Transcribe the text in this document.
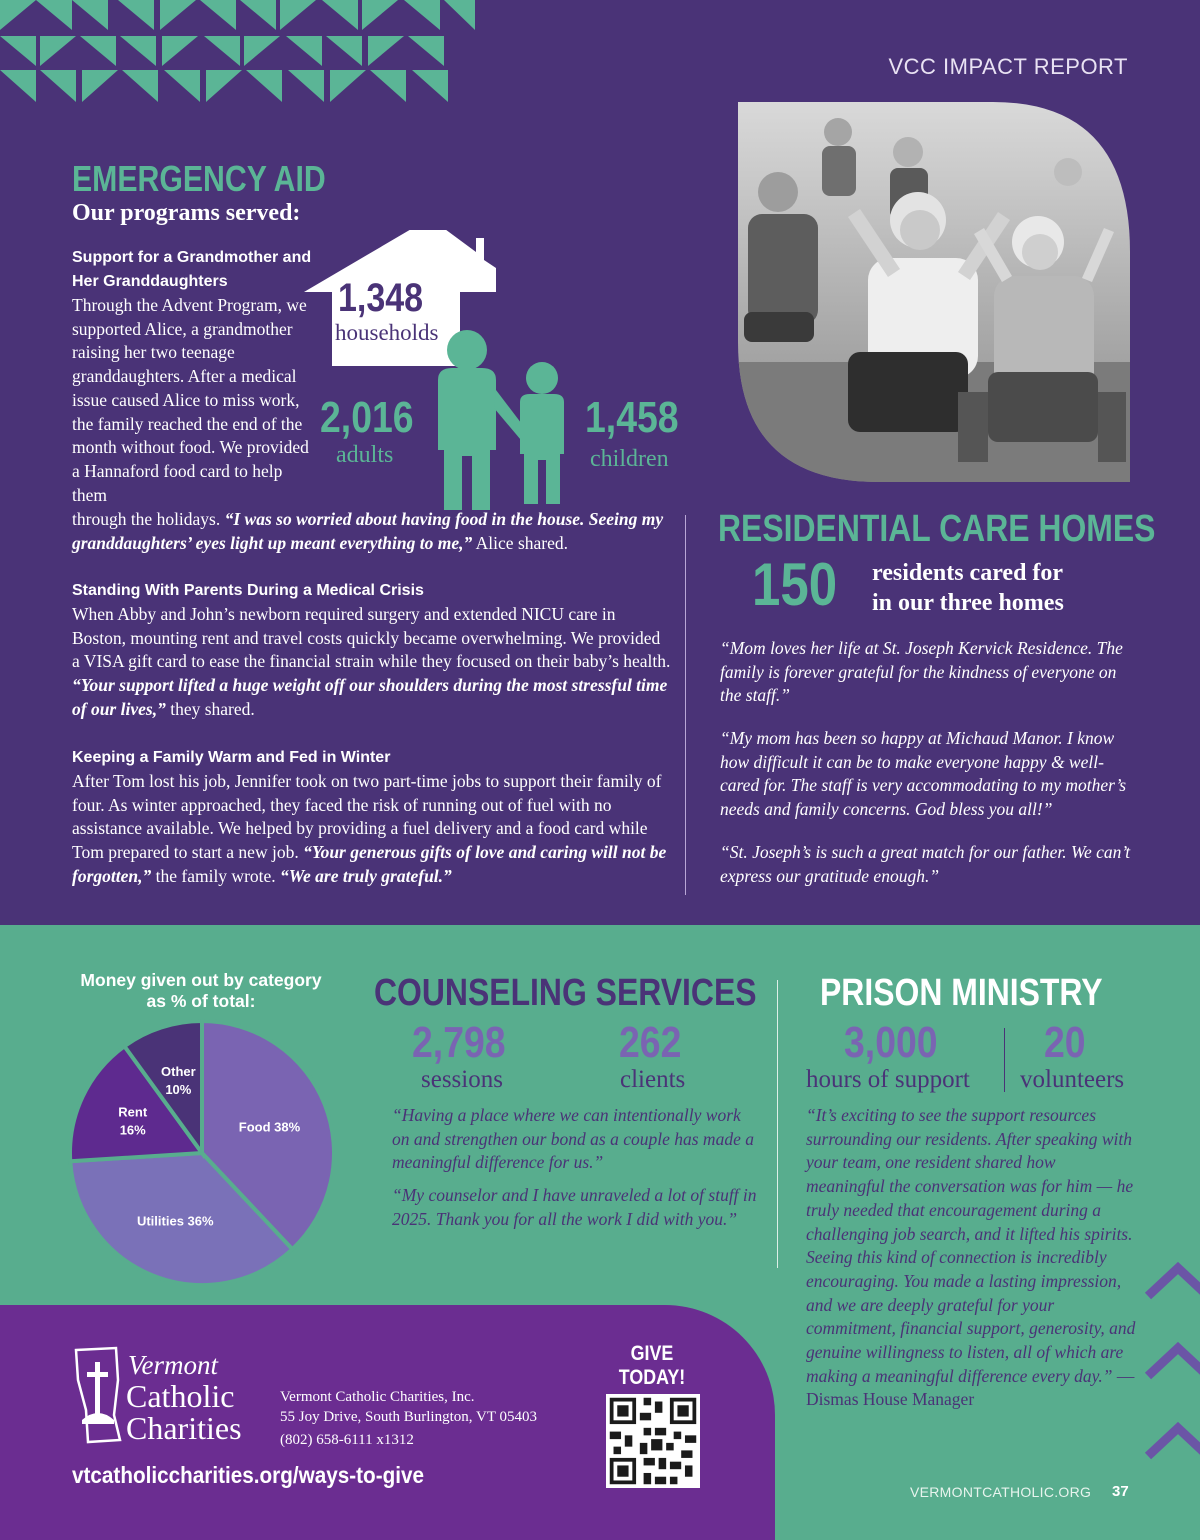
VCC IMPACT REPORT
EMERGENCY AID
Our programs served:
Support for a Grandmother and Her Granddaughters
Through the Advent Program, we supported Alice, a grandmother raising her two teenage granddaughters. After a medical issue caused Alice to miss work, the family reached the end of the month without food. We provided a Hannaford food card to help them
through the holidays. “I was so worried about having food in the house. Seeing my granddaughters’ eyes light up meant everything to me,” Alice shared.
Standing With Parents During a Medical Crisis
When Abby and John’s newborn required surgery and extended NICU care in Boston, mounting rent and travel costs quickly became overwhelming. We provided a VISA gift card to ease the financial strain while they focused on their baby’s health. “Your support lifted a huge weight off our shoulders during the most stressful time of our lives,” they shared.
Keeping a Family Warm and Fed in Winter
After Tom lost his job, Jennifer took on two part-time jobs to support their family of four. As winter approached, they faced the risk of running out of fuel with no assistance available. We helped by providing a fuel delivery and a food card while Tom prepared to start a new job. “Your generous gifts of love and caring will not be forgotten,” the family wrote. “We are truly grateful.”
1,348
households
2,016
adults
1,458
children
RESIDENTIAL CARE HOMES
150 residents cared for
in our three homes
“Mom loves her life at St. Joseph Kervick Residence. The family is forever grateful for the kindness of everyone on the staff.”
“My mom has been so happy at Michaud Manor. I know how difficult it can be to make everyone happy & well-cared for. The staff is very accommodating to my mother’s needs and family concerns. God bless you all!”
“St. Joseph’s is such a great match for our father. We can’t express our gratitude enough.”
Money given out by category as % of total:
Food 38%
Utilities 36%
Rent 16%
Other 10%
COUNSELING SERVICES
2,798
sessions
262
clients
“Having a place where we can intentionally work on and strengthen our bond as a couple has made a meaningful difference for us.”
“My counselor and I have unraveled a lot of stuff in 2025. Thank you for all the work I did with you.”
PRISON MINISTRY
3,000
hours of support
20
volunteers
“It’s exciting to see the support resources surrounding our residents. After speaking with your team, one resident shared how meaningful the conversation was for him — he truly needed that encouragement during a challenging job search, and it lifted his spirits. Seeing this kind of connection is incredibly encouraging. You made a lasting impression, and we are deeply grateful for your commitment, financial support, generosity, and genuine willingness to listen, all of which are making a meaningful difference every day.” — Dismas House Manager
Vermont
Catholic
Charities
Vermont Catholic Charities, Inc.
55 Joy Drive, South Burlington, VT 05403
(802) 658-6111 x1312
vtcatholiccharities.org/ways-to-give
GIVE TODAY!
VERMONTCATHOLIC.ORG 37
